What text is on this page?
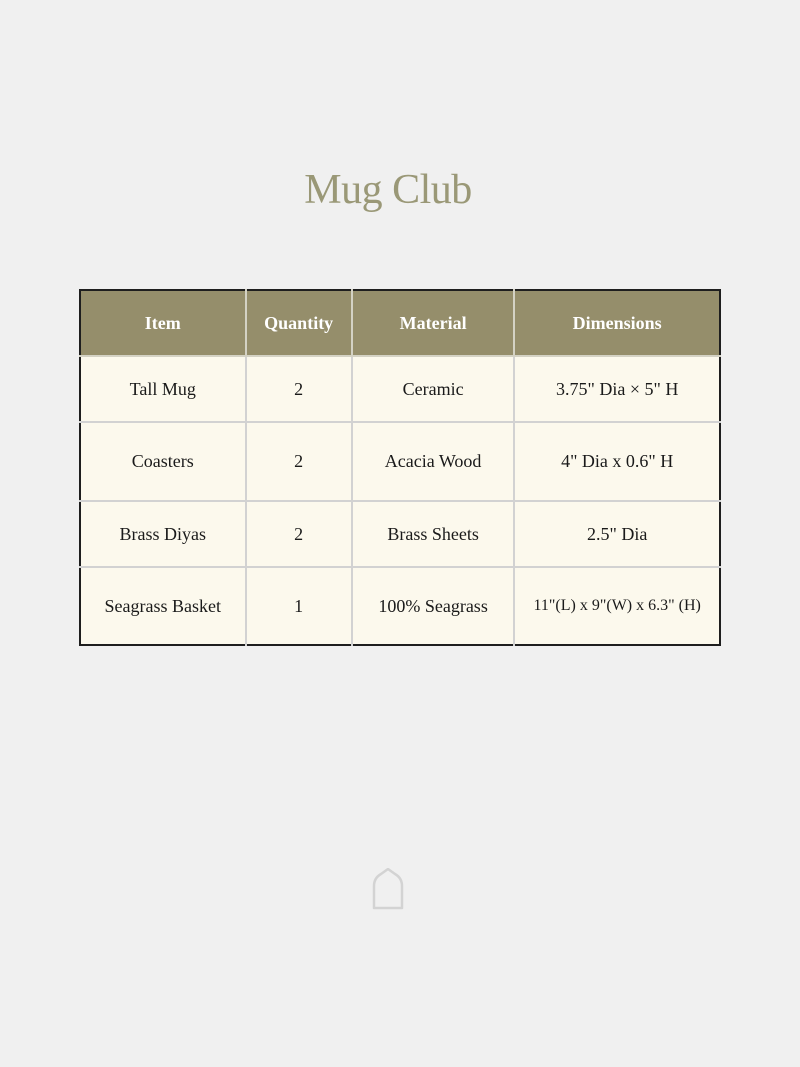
Mug Club
Item	Quantity	Material	Dimensions
Tall Mug	2	Ceramic	3.75" Dia × 5" H
Coasters	2	Acacia Wood	4" Dia x 0.6" H
Brass Diyas	2	Brass Sheets	2.5" Dia
Seagrass Basket	1	100% Seagrass	11"(L) x 9"(W) x 6.3" (H)
